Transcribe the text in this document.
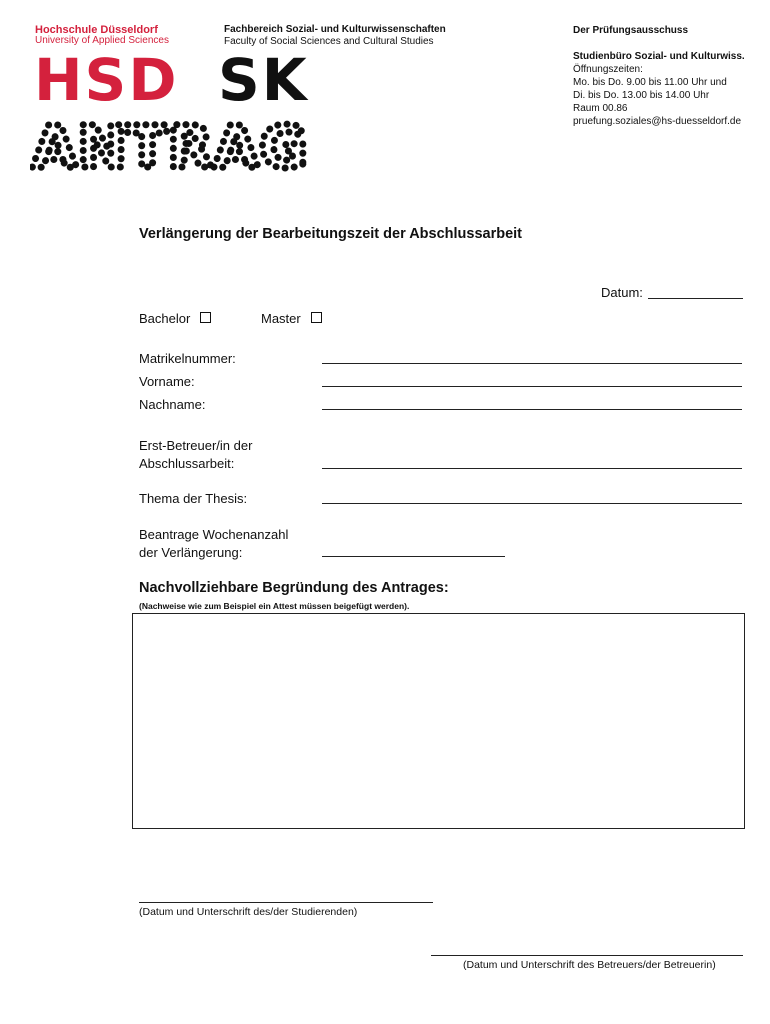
Hochschule Düsseldorf
University of Applied Sciences
Fachbereich Sozial- und Kulturwissenschaften
Faculty of Social Sciences and Cultural Studies
Der Prüfungsausschuss
Studienbüro Sozial- und Kulturwiss.
Öffnungszeiten:
Mo. bis Do. 9.00 bis 11.00 Uhr und
Di. bis Do. 13.00 bis 14.00 Uhr
Raum 00.86
pruefung.soziales@hs-duesseldorf.de
HSD SK
ANTRAG
Verlängerung der Bearbeitungszeit der Abschlussarbeit
Datum:
Bachelor	Master
Matrikelnummer:
Vorname:
Nachname:
Erst-Betreuer/in der
Abschlussarbeit:
Thema der Thesis:
Beantrage Wochenanzahl
der Verlängerung:
Nachvollziehbare Begründung des Antrages:
(Nachweise wie zum Beispiel ein Attest müssen beigefügt werden).
(Datum und Unterschrift des/der Studierenden)
(Datum und Unterschrift des Betreuers/der Betreuerin)
